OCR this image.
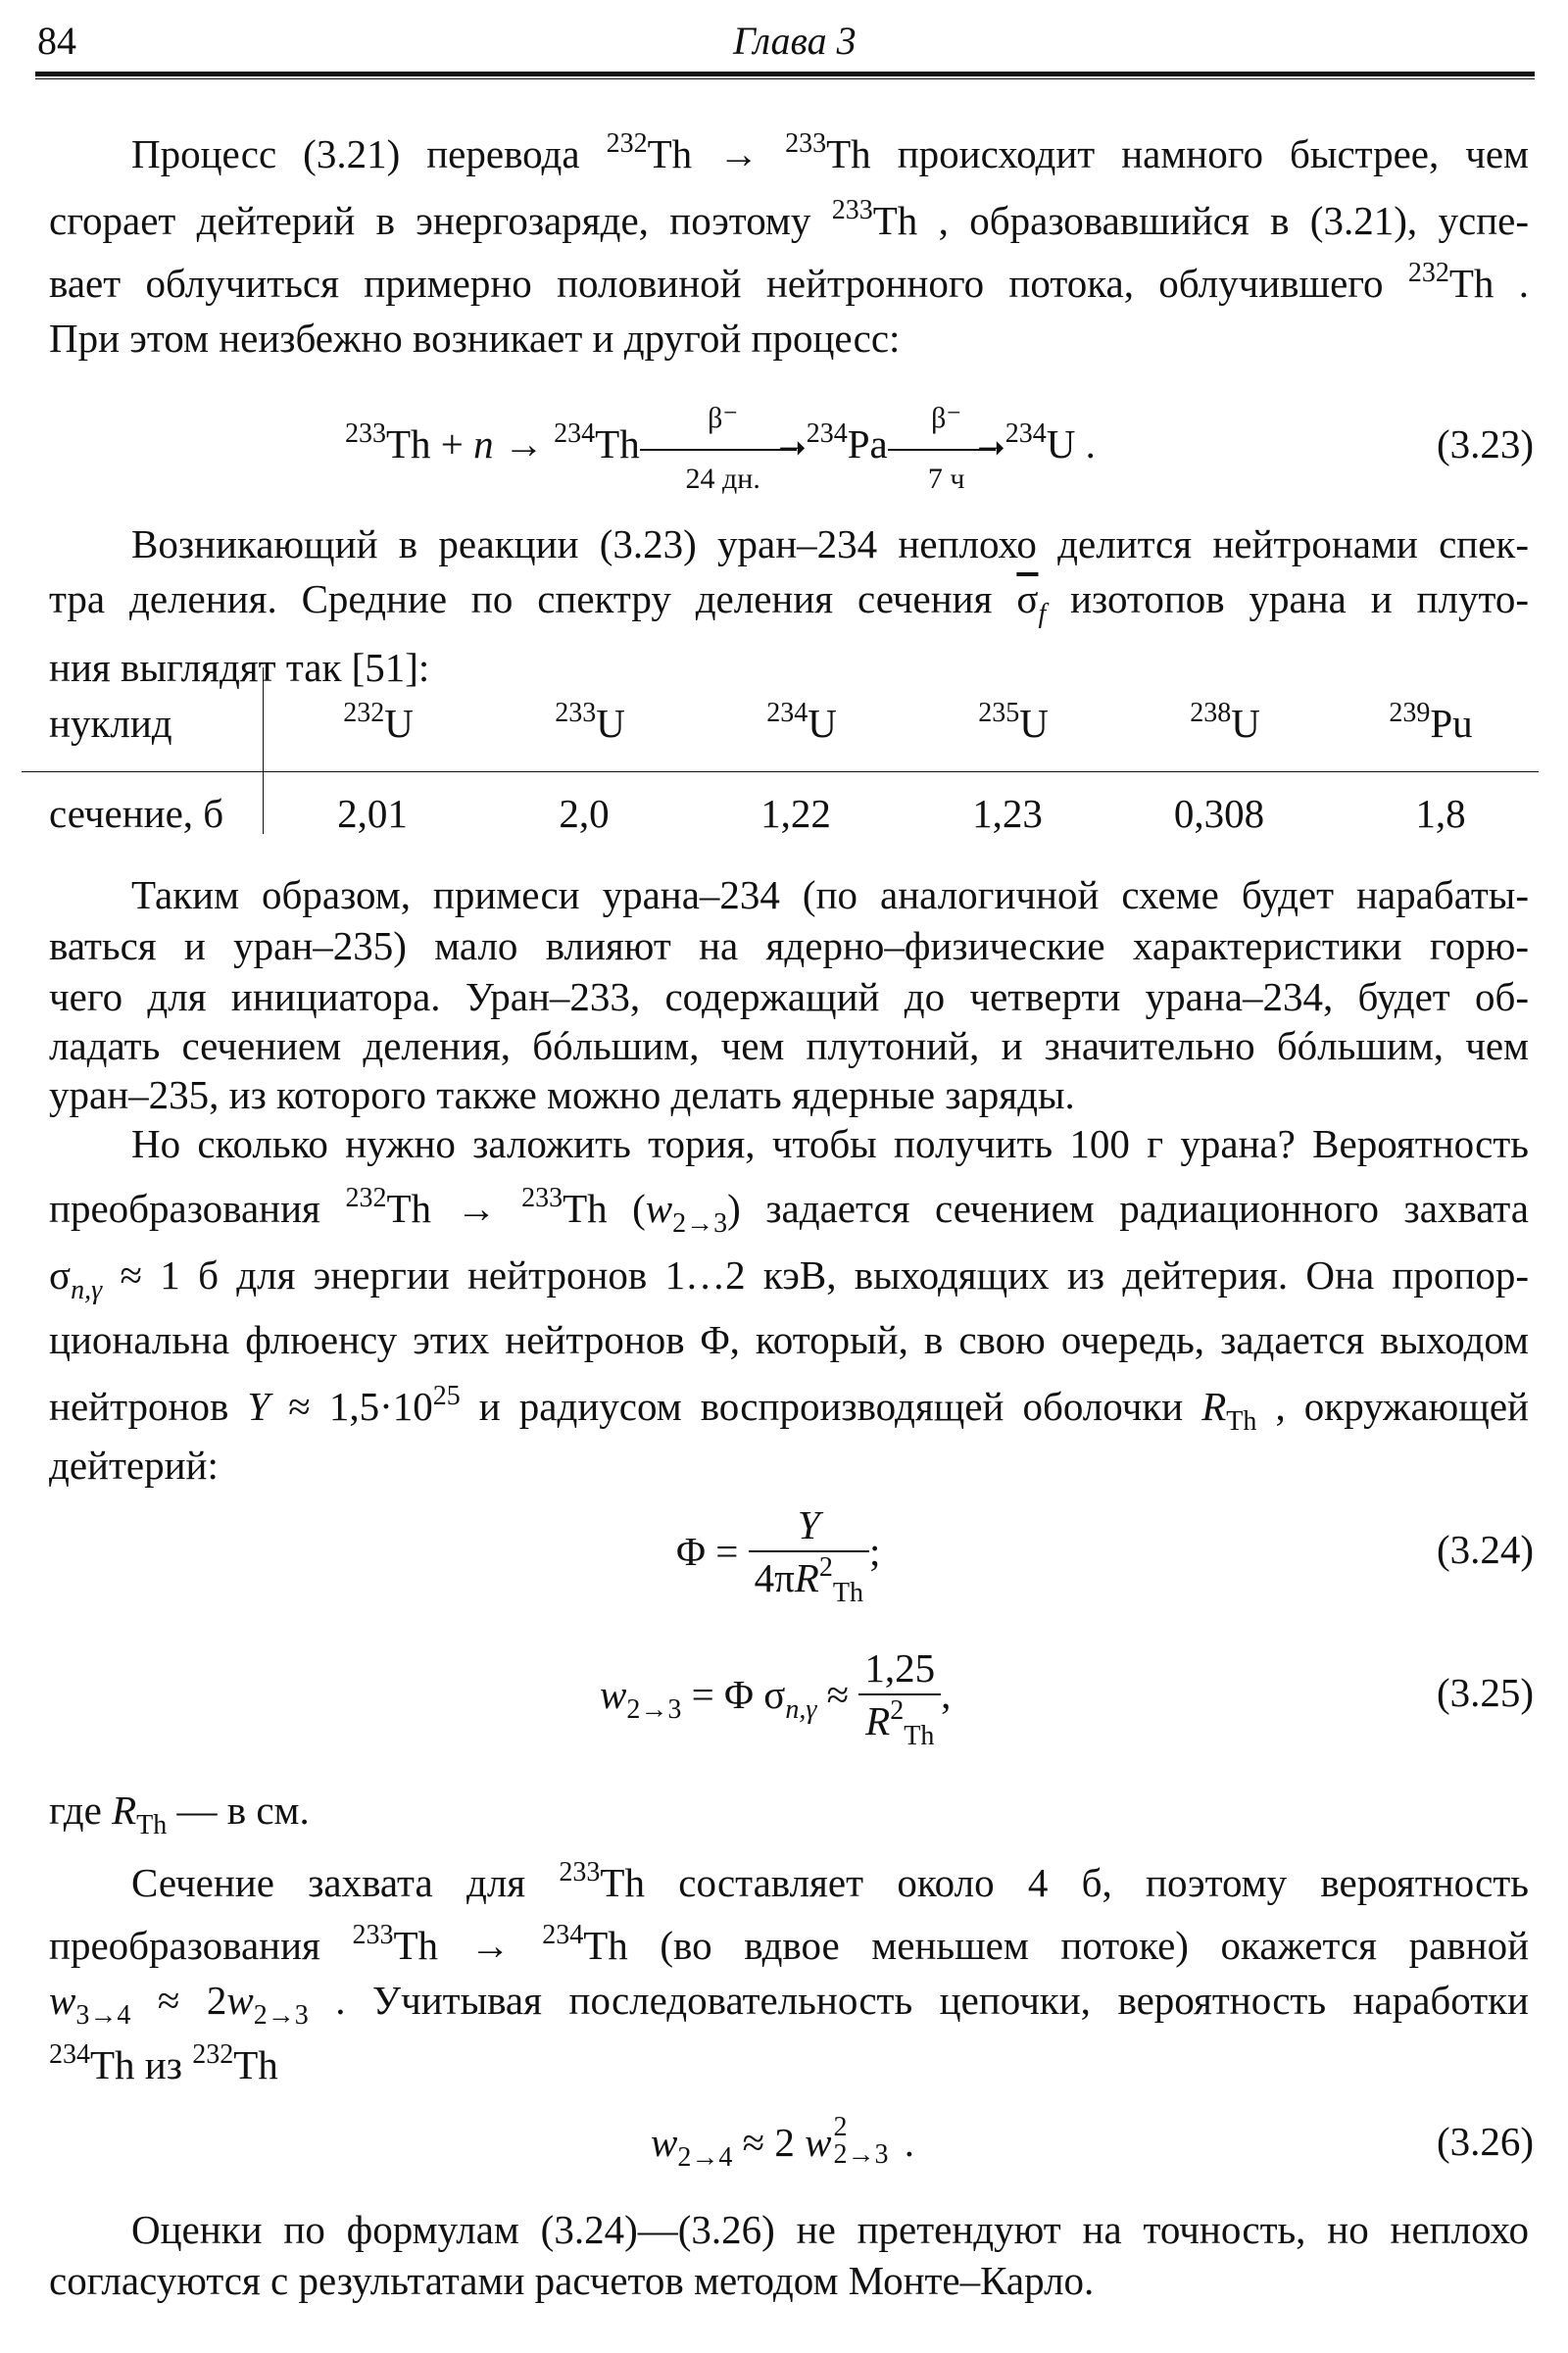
84	Глава 3
Процесс (3.21) перевода $^{232}$Th → $^{233}$Th происходит намного быстрее, чем
сгорает дейтерий в энергозаряде, поэтому $^{233}$Th , образовавшийся в (3.21), успе-
вает облучиться примерно половиной нейтронного потока, облучившего $^{232}$Th .
При этом неизбежно возникает и другой процесс:
$^{233}$Th + n → $^{234}$Th
β⁻
➝
24 дн.
$^{234}$Pa
β⁻
➝
7 ч
$^{234}$U .	(3.23)
Возникающий в реакции (3.23) уран–234 неплохо делится нейтронами спек-
тра деления. Средние по спектру деления сечения $\overline{\sigma}_f$ изотопов урана и плуто-
ния выглядят так [51]:
нуклид	$^{232}$U	$^{233}$U	$^{234}$U	$^{235}$U	$^{238}$U	$^{239}$Pu
сечение, б	2,01	2,0	1,22	1,23	0,308	1,8
Таким образом, примеси урана–234 (по аналогичной схеме будет нарабаты-
ваться и уран–235) мало влияют на ядерно–физические характеристики горю-
чего для инициатора. Уран–233, содержащий до четверти урана–234, будет об-
ладать сечением деления, бóльшим, чем плутоний, и значительно бóльшим, чем
уран–235, из которого также можно делать ядерные заряды.
Но сколько нужно заложить тория, чтобы получить 100 г урана? Вероятность
преобразования $^{232}$Th → $^{233}$Th $(w_{2\to 3})$ задается сечением радиационного захвата
$\sigma_{n,\gamma} \approx 1$ б для энергии нейтронов 1…2 кэВ, выходящих из дейтерия. Она пропор-
циональна флюенсу этих нейтронов Φ, который, в свою очередь, задается выходом
нейтронов $Y \approx 1,5\cdot 10^{25}$ и радиусом воспроизводящей оболочки $R_{Th}$ , окружающей
дейтерий:
$\Phi = \frac{Y}{4\pi R^2_{Th}}$ ;	(3.24)
$w_{2\to 3} = \Phi$ $\sigma_{n,\gamma} \approx \frac{1,25}{R^2_{Th}}$ ,	(3.25)
где $R_{Th}$ — в см.
Сечение захвата для $^{233}$Th составляет около 4 б, поэтому вероятность
преобразования $^{233}$Th → $^{234}$Th (во вдвое меньшем потоке) окажется равной
$w_{3\to 4} \approx 2w_{2\to 3}$ . Учитывая последовательность цепочки, вероятность наработки
$^{234}$Th из $^{232}$Th
$w_{2\to 4} \approx 2$ w 2
2→3 .	(3.26)
Оценки по формулам (3.24)—(3.26) не претендуют на точность, но неплохо
согласуются с результатами расчетов методом Монте–Карло.
